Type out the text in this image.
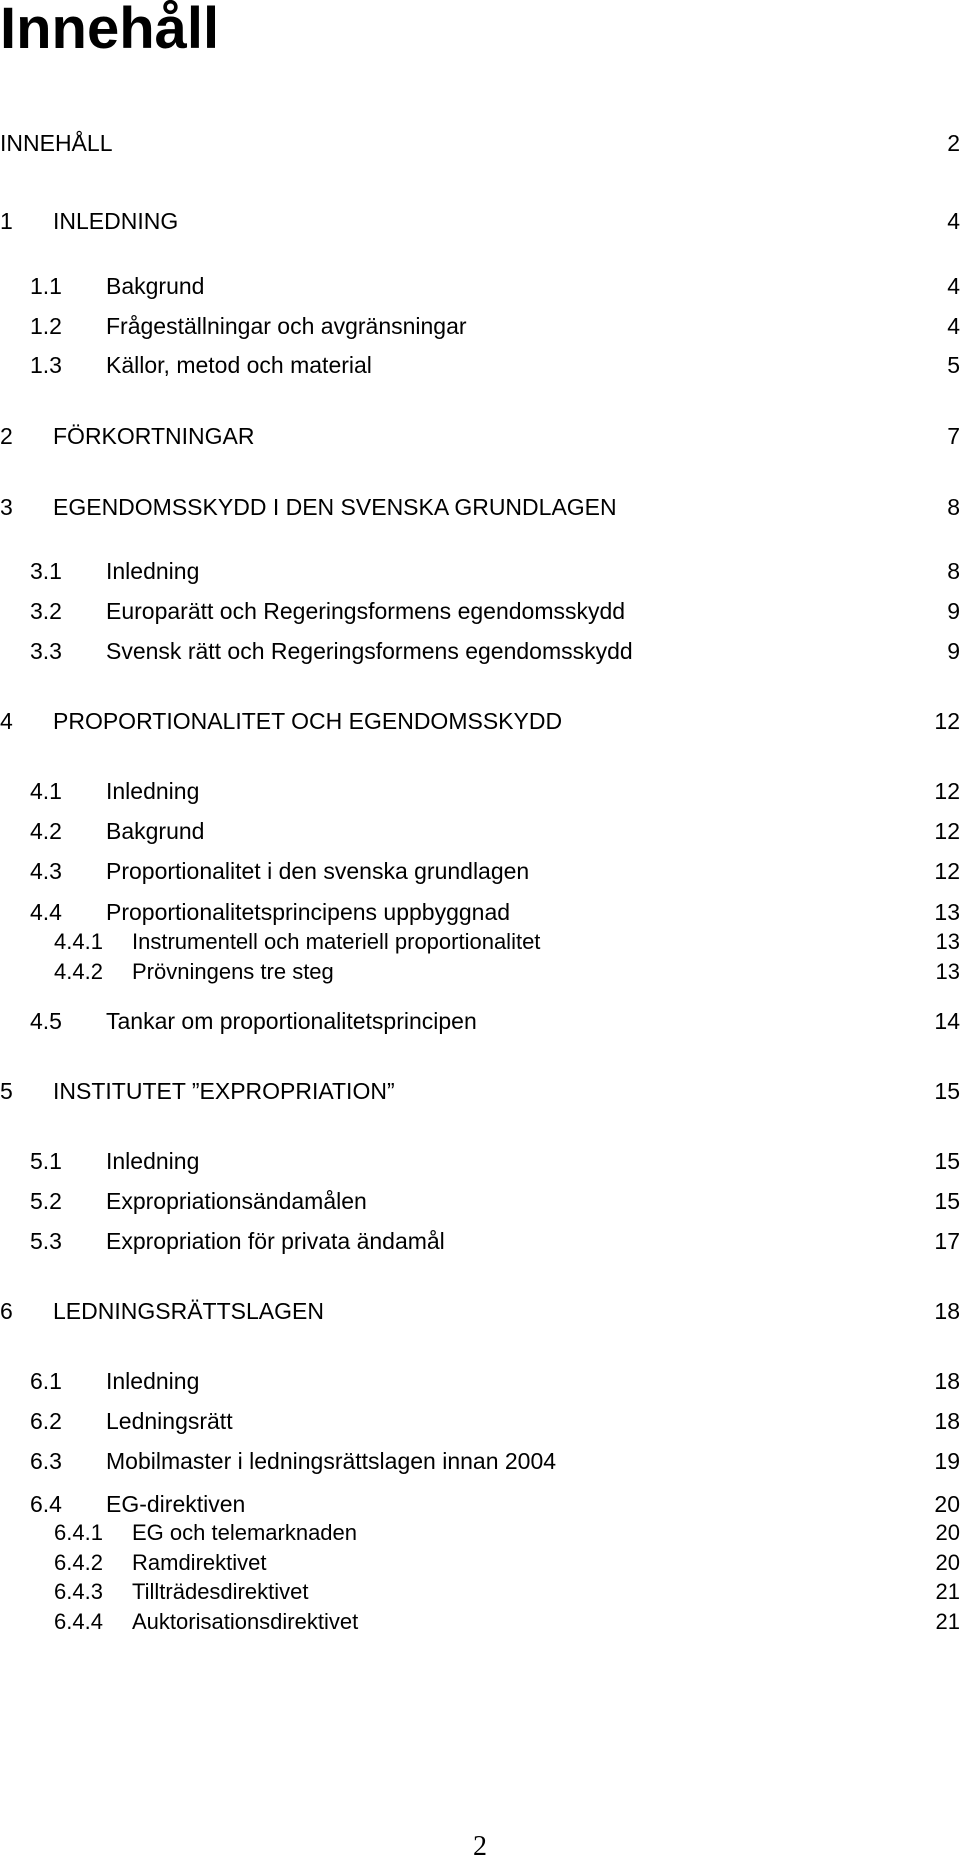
Innehåll
INNEHÅLL	2
1 INLEDNING	4
1.1 Bakgrund	4
1.2 Frågeställningar och avgränsningar	4
1.3 Källor, metod och material	5
2 FÖRKORTNINGAR	7
3 EGENDOMSSKYDD I DEN SVENSKA GRUNDLAGEN	8
3.1 Inledning	8
3.2 Europarätt och Regeringsformens egendomsskydd	9
3.3 Svensk rätt och Regeringsformens egendomsskydd	9
4 PROPORTIONALITET OCH EGENDOMSSKYDD	12
4.1 Inledning	12
4.2 Bakgrund	12
4.3 Proportionalitet i den svenska grundlagen	12
4.4 Proportionalitetsprincipens uppbyggnad	13
4.4.1 Instrumentell och materiell proportionalitet	13
4.4.2 Prövningens tre steg	13
4.5 Tankar om proportionalitetsprincipen	14
5 INSTITUTET ”EXPROPRIATION”	15
5.1 Inledning	15
5.2 Expropriationsändamålen	15
5.3 Expropriation för privata ändamål	17
6 LEDNINGSRÄTTSLAGEN	18
6.1 Inledning	18
6.2 Ledningsrätt	18
6.3 Mobilmaster i ledningsrättslagen innan 2004	19
6.4 EG-direktiven	20
6.4.1 EG och telemarknaden	20
6.4.2 Ramdirektivet	20
6.4.3 Tillträdesdirektivet	21
6.4.4 Auktorisationsdirektivet	21
2
